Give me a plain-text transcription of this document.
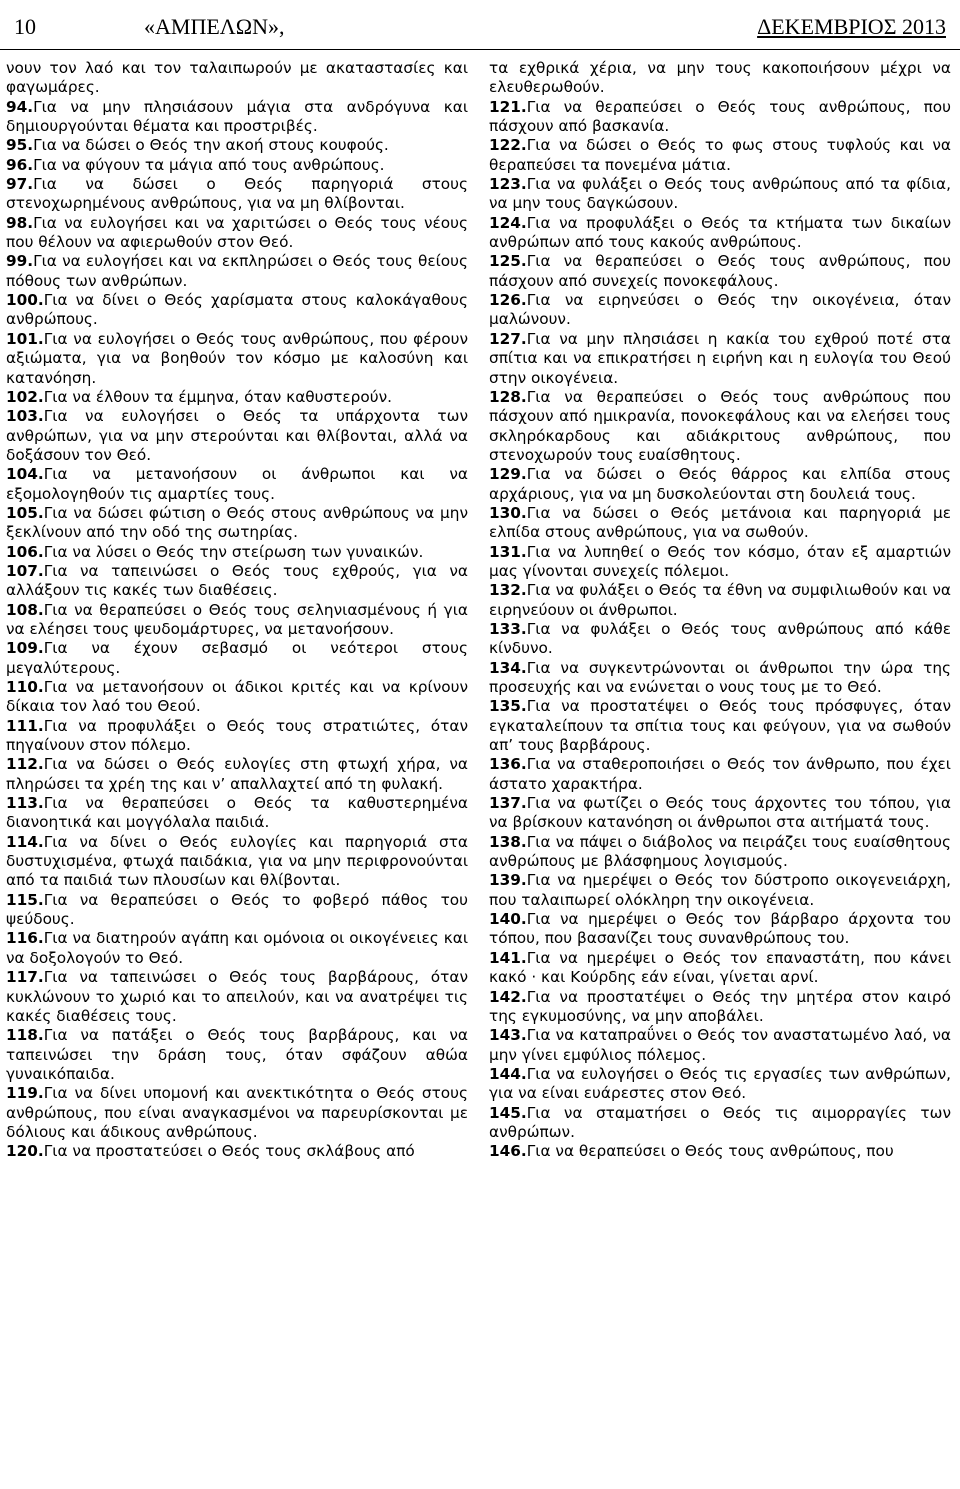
10	«ΑΜΠΕΛΩΝ»,	ΔΕΚΕΜΒΡΙΟΣ 2013

νουν τον λαό και τον ταλαιπωρούν με ακαταστασίες και φαγωμάρες.

94.Για να μην πλησιάσουν μάγια στα ανδρόγυνα και δημιουργούνται θέματα και προστριβές.

95.Για να δώσει ο Θεός την ακοή στους κουφούς.

96.Για να φύγουν τα μάγια από τους ανθρώπους.

97.Για να δώσει ο Θεός παρηγοριά στους στενοχωρημένους ανθρώπους, για να μη θλίβονται.

98.Για να ευλογήσει και να χαριτώσει ο Θεός τους νέους που θέλουν να αφιερωθούν στον Θεό.

99.Για να ευλογήσει και να εκπληρώσει ο Θεός τους θείους πόθους των ανθρώπων.

100.Για να δίνει ο Θεός χαρίσματα στους καλοκάγαθους ανθρώπους.

101.Για να ευλογήσει ο Θεός τους ανθρώπους, που φέρουν αξιώματα, για να βοηθούν τον κόσμο με καλοσύνη και κατανόηση.

102.Για να έλθουν τα έμμηνα, όταν καθυστερούν.

103.Για να ευλογήσει ο Θεός τα υπάρχοντα των ανθρώπων, για να μην στερούνται και θλίβονται, αλλά να δοξάσουν τον Θεό.

104.Για να μετανοήσουν οι άνθρωποι και να εξομολογηθούν τις αμαρτίες τους.

105.Για να δώσει φώτιση ο Θεός στους ανθρώπους να μην ξεκλίνουν από την οδό της σωτηρίας.

106.Για να λύσει ο Θεός την στείρωση των γυναικών.

107.Για να ταπεινώσει ο Θεός τους εχθρούς, για να αλλάξουν τις κακές των διαθέσεις.

108.Για να θεραπεύσει ο Θεός τους σεληνιασμένους ή για να ελέησει τους ψευδομάρτυρες, να μετανοήσουν.

109.Για να έχουν σεβασμό οι νεότεροι στους μεγαλύτερους.

110.Για να μετανοήσουν οι άδικοι κριτές και να κρίνουν δίκαια τον λαό του Θεού.

111.Για να προφυλάξει ο Θεός τους στρατιώτες, όταν πηγαίνουν στον πόλεμο.

112.Για να δώσει ο Θεός ευλογίες στη φτωχή χήρα, να πληρώσει τα χρέη της και ν’ απαλλαχτεί από τη φυλακή.

113.Για να θεραπεύσει ο Θεός τα καθυστερημένα διανοητικά και μογγόλαλα παιδιά.

114.Για να δίνει ο Θεός ευλογίες και παρηγοριά στα δυστυχισμένα, φτωχά παιδάκια, για να μην περιφρονούνται από τα παιδιά των πλουσίων και θλίβονται.

115.Για να θεραπεύσει ο Θεός το φοβερό πάθος του ψεύδους.

116.Για να διατηρούν αγάπη και ομόνοια οι οικογένειες και να δοξολογούν το Θεό.

117.Για να ταπεινώσει ο Θεός τους βαρβάρους, όταν κυκλώνουν το χωριό και το απειλούν, και να ανατρέψει τις κακές διαθέσεις τους.

118.Για να πατάξει ο Θεός τους βαρβάρους, και να ταπεινώσει την δράση τους, όταν σφάζουν αθώα γυναικόπαιδα.

119.Για να δίνει υπομονή και ανεκτικότητα ο Θεός στους ανθρώπους, που είναι αναγκασμένοι να παρευρίσκονται με δόλιους και άδικους ανθρώπους.

120.Για να προστατεύσει ο Θεός τους σκλάβους από

τα εχθρικά χέρια, να μην τους κακοποιήσουν μέχρι να ελευθερωθούν.

121.Για να θεραπεύσει ο Θεός τους ανθρώπους, που πάσχουν από βασκανία.

122.Για να δώσει ο Θεός το φως στους τυφλούς και να θεραπεύσει τα πονεμένα μάτια.

123.Για να φυλάξει ο Θεός τους ανθρώπους από τα φίδια, να μην τους δαγκώσουν.

124.Για να προφυλάξει ο Θεός τα κτήματα των δικαίων ανθρώπων από τους κακούς ανθρώπους.

125.Για να θεραπεύσει ο Θεός τους ανθρώπους, που πάσχουν από συνεχείς πονοκεφάλους.

126.Για να ειρηνεύσει ο Θεός την οικογένεια, όταν μαλώνουν.

127.Για να μην πλησιάσει η κακία του εχθρού ποτέ στα σπίτια και να επικρατήσει η ειρήνη και η ευλογία του Θεού στην οικογένεια.

128.Για να θεραπεύσει ο Θεός τους ανθρώπους που πάσχουν από ημικρανία, πονοκεφάλους και να ελεήσει τους σκληρόκαρδους και αδιάκριτους ανθρώπους, που στενοχωρούν τους ευαίσθητους.

129.Για να δώσει ο Θεός θάρρος και ελπίδα στους αρχάριους, για να μη δυσκολεύονται στη δουλειά τους.

130.Για να δώσει ο Θεός μετάνοια και παρηγοριά με ελπίδα στους ανθρώπους, για να σωθούν.

131.Για να λυπηθεί ο Θεός τον κόσμο, όταν εξ αμαρτιών μας γίνονται συνεχείς πόλεμοι.

132.Για να φυλάξει ο Θεός τα έθνη να συμφιλιωθούν και να ειρηνεύουν οι άνθρωποι.

133.Για να φυλάξει ο Θεός τους ανθρώπους από κάθε κίνδυνο.

134.Για να συγκεντρώνονται οι άνθρωποι την ώρα της προσευχής και να ενώνεται ο νους τους με το Θεό.

135.Για να προστατέψει ο Θεός τους πρόσφυγες, όταν εγκαταλείπουν τα σπίτια τους και φεύγουν, για να σωθούν απ’ τους βαρβάρους.

136.Για να σταθεροποιήσει ο Θεός τον άνθρωπο, που έχει άστατο χαρακτήρα.

137.Για να φωτίζει ο Θεός τους άρχοντες του τόπου, για να βρίσκουν κατανόηση οι άνθρωποι στα αιτήματά τους.

138.Για να πάψει ο διάβολος να πειράζει τους ευαίσθητους ανθρώπους με βλάσφημους λογισμούς.

139.Για να ημερέψει ο Θεός τον δύστροπο οικογενειάρχη, που ταλαιπωρεί ολόκληρη την οικογένεια.

140.Για να ημερέψει ο Θεός τον βάρβαρο άρχοντα του τόπου, που βασανίζει τους συνανθρώπους του.

141.Για να ημερέψει ο Θεός τον επαναστάτη, που κάνει κακό · και Κούρδης εάν είναι, γίνεται αρνί.

142.Για να προστατέψει ο Θεός την μητέρα στον καιρό της εγκυμοσύνης, να μην αποβάλει.

143.Για να καταπραΰνει ο Θεός τον αναστατωμένο λαό, να μην γίνει εμφύλιος πόλεμος.

144.Για να ευλογήσει ο Θεός τις εργασίες των ανθρώπων, για να είναι ευάρεστες στον Θεό.

145.Για να σταματήσει ο Θεός τις αιμορραγίες των ανθρώπων.

146.Για να θεραπεύσει ο Θεός τους ανθρώπους, που
